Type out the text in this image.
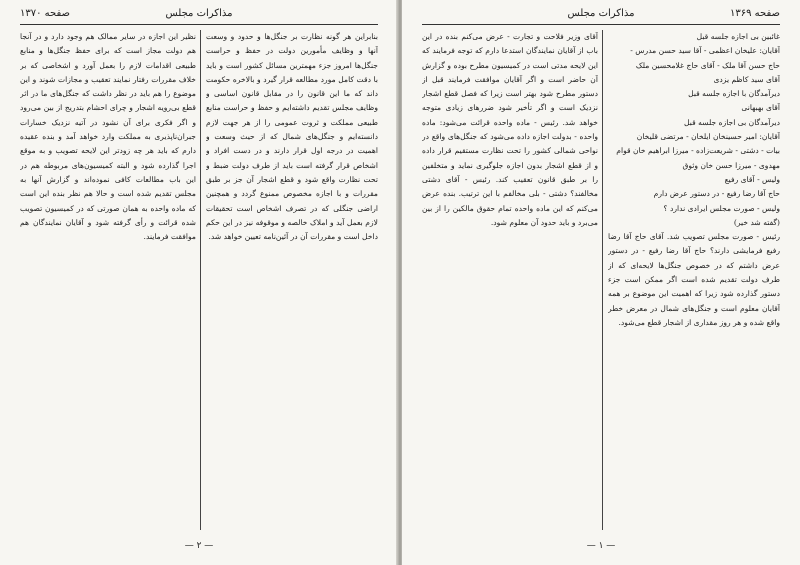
صفحه ۱۳۷۰	مذاكرات مجلس

بنابراین هر گونه نظارت بر جنگل‌ها و حدود و وسعت آنها و وظایف مأمورین دولت در حفظ و حراست جنگل‌ها امروز جزء مهمترین مسائل کشور است و باید با دقت کامل مورد مطالعه قرار گیرد و بالاخره حکومت داند که ما این قانون را در مقابل قانون اساسی و وظایف مجلس تقدیم داشته‌ایم و حفظ و حراست منابع طبیعی مملکت و ثروت عمومی را از هر جهت لازم دانسته‌ایم و جنگل‌های شمال که از حیث وسعت و اهمیت در درجه اول قرار دارند و در دست افراد و اشخاص قرار گرفته است باید از طرف دولت ضبط و تحت نظارت واقع شود و قطع اشجار آن جز بر طبق مقررات و با اجازه مخصوص ممنوع گردد و همچنین اراضی جنگلی که در تصرف اشخاص است تحقیقات لازم بعمل آید و املاک خالصه و موقوفه نیز در این حکم داخل است و مقررات آن در آئین‌نامه تعیین خواهد شد.

نظیر این اجازه در سایر ممالک هم وجود دارد و در آنجا هم دولت مجاز است که برای حفظ جنگل‌ها و منابع طبیعی اقدامات لازم را بعمل آورد و اشخاصی که بر خلاف مقررات رفتار نمایند تعقیب و مجازات شوند و این موضوع را هم باید در نظر داشت که جنگل‌های ما در اثر قطع بی‌رویه اشجار و چرای احشام بتدریج از بین می‌رود و اگر فکری برای آن نشود در آتیه نزدیک خسارات جبران‌ناپذیری به مملکت وارد خواهد آمد و بنده عقیده دارم که باید هر چه زودتر این لایحه تصویب و به موقع اجرا گذارده شود و البته کمیسیون‌های مربوطه هم در این باب مطالعات کافی نموده‌اند و گزارش آنها به مجلس تقدیم شده است و حالا هم نظر بنده این است که ماده واحده به همان صورتی که در کمیسیون تصویب شده قرائت و رأی گرفته شود و آقایان نمایندگان هم موافقت فرمایند.

— ۲ —
صفحه ۱۳۶۹
مذاكرات مجلس
غائبین بی اجازه جلسه قبل
آقایان: علیخان اعظمی - آقا سید حسن مدرس -
حاج حسن آقا ملک - آقای حاج غلامحسین ملک
آقای سید کاظم یزدی
دیرآمدگان با اجازه جلسه قبل
آقای بهبهانی
دیرآمدگان بی اجازه جلسه قبل
آقایان: امیر حسینخان ایلخان - مرتضی قلیخان
بیات - دشتی - شریعت‌زاده - میرزا ابراهیم خان قوام
مهدوی - میرزا حسن خان وثوق
ولیس - آقای رفیع
حاج آقا رضا رفیع - در دستور عرض دارم
ولیس - صورت مجلس ایرادی ندارد ؟
(گفته شد خیر)

رئیس - صورت مجلس تصویب شد. آقای حاج آقا رضا رفیع فرمایشی دارند؟ حاج آقا رضا رفیع - در دستور عرض داشتم که در خصوص جنگل‌ها لایحه‌ای که از طرف دولت تقدیم شده است اگر ممکن است جزء دستور گذارده شود زیرا که اهمیت این موضوع بر همه آقایان معلوم است و جنگل‌های شمال در معرض خطر واقع شده و هر روز مقداری از اشجار قطع می‌شود.

آقای وزیر فلاحت و تجارت - عرض می‌کنم بنده در این باب از آقایان نمایندگان استدعا دارم که توجه فرمایند که این لایحه مدتی است در کمیسیون مطرح بوده و گزارش آن حاضر است و اگر آقایان موافقت فرمایند قبل از دستور مطرح شود بهتر است زیرا که فصل قطع اشجار نزدیک است و اگر تأخیر شود ضررهای زیادی متوجه خواهد شد. رئیس - ماده واحده قرائت می‌شود: ماده واحده - بدولت اجازه داده می‌شود که جنگل‌های واقع در نواحی شمالی کشور را تحت نظارت مستقیم قرار داده و از قطع اشجار بدون اجازه جلوگیری نماید و متخلفین را بر طبق قانون تعقیب کند. رئیس - آقای دشتی مخالفند؟ دشتی - بلی مخالفم با این ترتیب. بنده عرض می‌کنم که این ماده واحده تمام حقوق مالکین را از بین می‌برد و باید حدود آن معلوم شود.

— ۱ —
